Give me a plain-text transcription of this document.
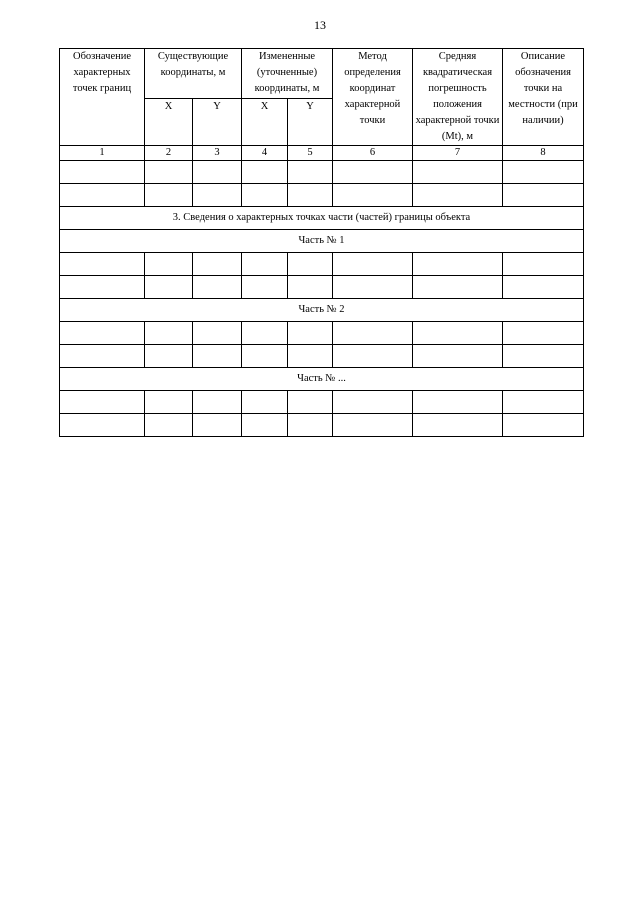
13
Обозначение характерных точек границ	Существующие координаты, м		Измененные (уточненные) координаты, м		Метод определения координат характерной точки	Средняя квадратическая погрешность положения характерной точки (Mt), м	Описание обозначения точки на местности (при наличии)
	X	Y	X	Y			
1	2	3	4	5	6	7	8

3. Сведения о характерных точках части (частей) границы объекта							
Часть № 1							

Часть № 2							

Часть № ...							
